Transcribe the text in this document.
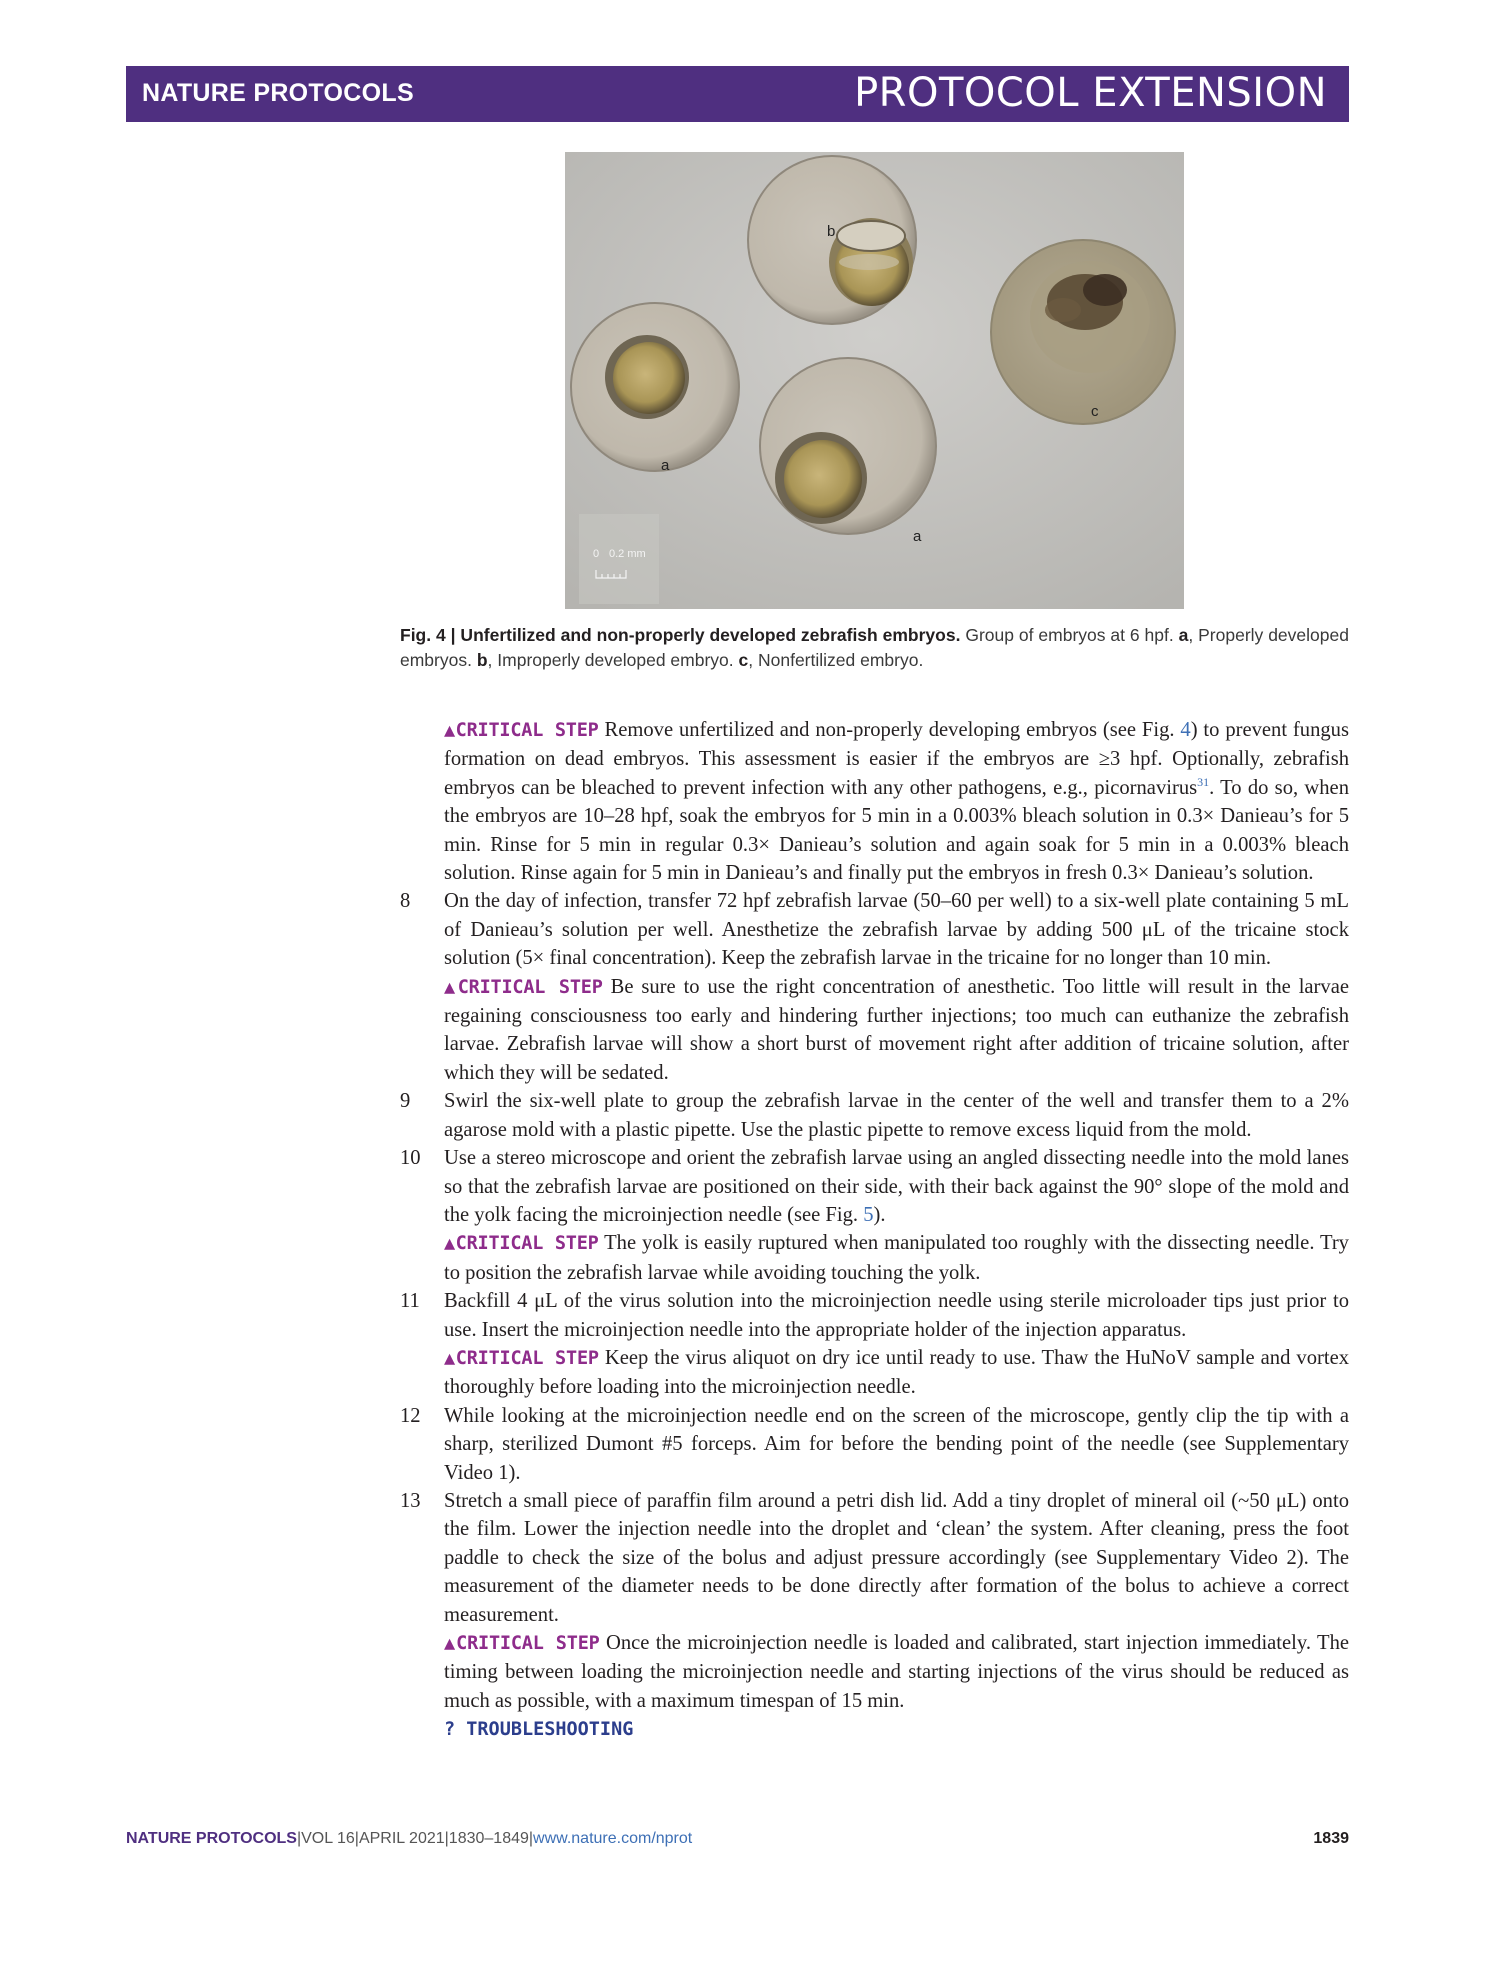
NATURE PROTOCOLS	PROTOCOL EXTENSION
0 0.2 mm
a
b
c
a
Fig. 4 | Unfertilized and non-properly developed zebrafish embryos. Group of embryos at 6 hpf. a, Properly developed embryos. b, Improperly developed embryo. c, Nonfertilized embryo.
▲CRITICAL STEP Remove unfertilized and non-properly developing embryos (see Fig. 4) to prevent fungus formation on dead embryos. This assessment is easier if the embryos are ≥3 hpf. Optionally, zebrafish embryos can be bleached to prevent infection with any other pathogens, e.g., picornavirus$^{31}$. To do so, when the embryos are 10–28 hpf, soak the embryos for 5 min in a 0.003% bleach solution in 0.3× Danieau’s for 5 min. Rinse for 5 min in regular 0.3× Danieau’s solution and again soak for 5 min in a 0.003% bleach solution. Rinse again for 5 min in Danieau’s and finally put the embryos in fresh 0.3× Danieau’s solution.
8 On the day of infection, transfer 72 hpf zebrafish larvae (50–60 per well) to a six-well plate containing 5 mL of Danieau’s solution per well. Anesthetize the zebrafish larvae by adding 500 μL of the tricaine stock solution (5× final concentration). Keep the zebrafish larvae in the tricaine for no longer than 10 min.
▲CRITICAL STEP Be sure to use the right concentration of anesthetic. Too little will result in the larvae regaining consciousness too early and hindering further injections; too much can euthanize the zebrafish larvae. Zebrafish larvae will show a short burst of movement right after addition of tricaine solution, after which they will be sedated.
9 Swirl the six-well plate to group the zebrafish larvae in the center of the well and transfer them to a 2% agarose mold with a plastic pipette. Use the plastic pipette to remove excess liquid from the mold.
10 Use a stereo microscope and orient the zebrafish larvae using an angled dissecting needle into the mold lanes so that the zebrafish larvae are positioned on their side, with their back against the 90° slope of the mold and the yolk facing the microinjection needle (see Fig. 5).
▲CRITICAL STEP The yolk is easily ruptured when manipulated too roughly with the dissecting needle. Try to position the zebrafish larvae while avoiding touching the yolk.
11 Backfill 4 μL of the virus solution into the microinjection needle using sterile microloader tips just prior to use. Insert the microinjection needle into the appropriate holder of the injection apparatus.
▲CRITICAL STEP Keep the virus aliquot on dry ice until ready to use. Thaw the HuNoV sample and vortex thoroughly before loading into the microinjection needle.
12 While looking at the microinjection needle end on the screen of the microscope, gently clip the tip with a sharp, sterilized Dumont #5 forceps. Aim for before the bending point of the needle (see Supplementary Video 1).
13 Stretch a small piece of paraffin film around a petri dish lid. Add a tiny droplet of mineral oil (~50 μL) onto the film. Lower the injection needle into the droplet and ‘clean’ the system. After cleaning, press the foot paddle to check the size of the bolus and adjust pressure accordingly (see Supplementary Video 2). The measurement of the diameter needs to be done directly after formation of the bolus to achieve a correct measurement.
▲CRITICAL STEP Once the microinjection needle is loaded and calibrated, start injection immediately. The timing between loading the microinjection needle and starting injections of the virus should be reduced as much as possible, with a maximum timespan of 15 min.
? TROUBLESHOOTING
NATURE PROTOCOLS|VOL 16|APRIL 2021|1830–1849|www.nature.com/nprot	1839
